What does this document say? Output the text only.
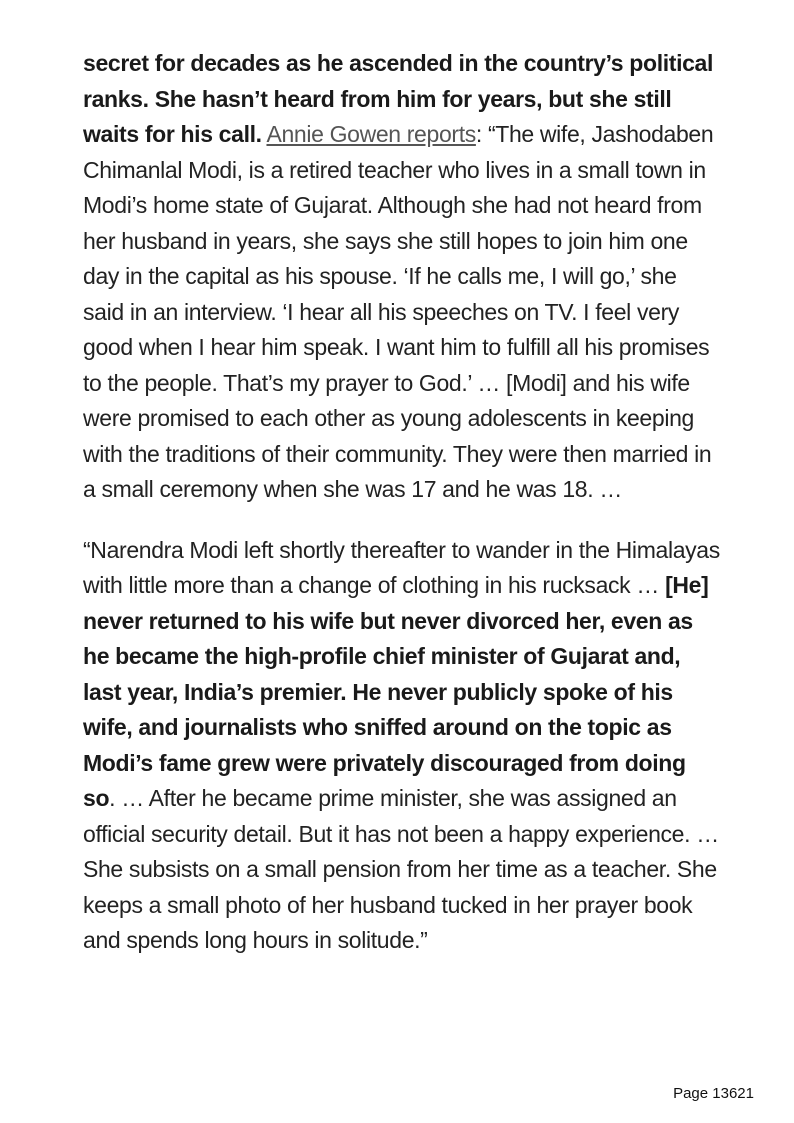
secret for decades as he ascended in the country’s political ranks. She hasn’t heard from him for years, but she still waits for his call. Annie Gowen reports: “The wife, Jashodaben Chimanlal Modi, is a retired teacher who lives in a small town in Modi’s home state of Gujarat. Although she had not heard from her husband in years, she says she still hopes to join him one day in the capital as his spouse. ‘If he calls me, I will go,’ she said in an interview. ‘I hear all his speeches on TV. I feel very good when I hear him speak. I want him to fulfill all his promises to the people. That’s my prayer to God.’ … [Modi] and his wife were promised to each other as young adolescents in keeping with the traditions of their community. They were then married in a small ceremony when she was 17 and he was 18. …

“Narendra Modi left shortly thereafter to wander in the Himalayas with little more than a change of clothing in his rucksack … [He] never returned to his wife but never divorced her, even as he became the high-profile chief minister of Gujarat and, last year, India’s premier. He never publicly spoke of his wife, and journalists who sniffed around on the topic as Modi’s fame grew were privately discouraged from doing so. … After he became prime minister, she was assigned an official security detail. But it has not been a happy experience. … She subsists on a small pension from her time as a teacher. She keeps a small photo of her husband tucked in her prayer book and spends long hours in solitude.”

Page 13621
